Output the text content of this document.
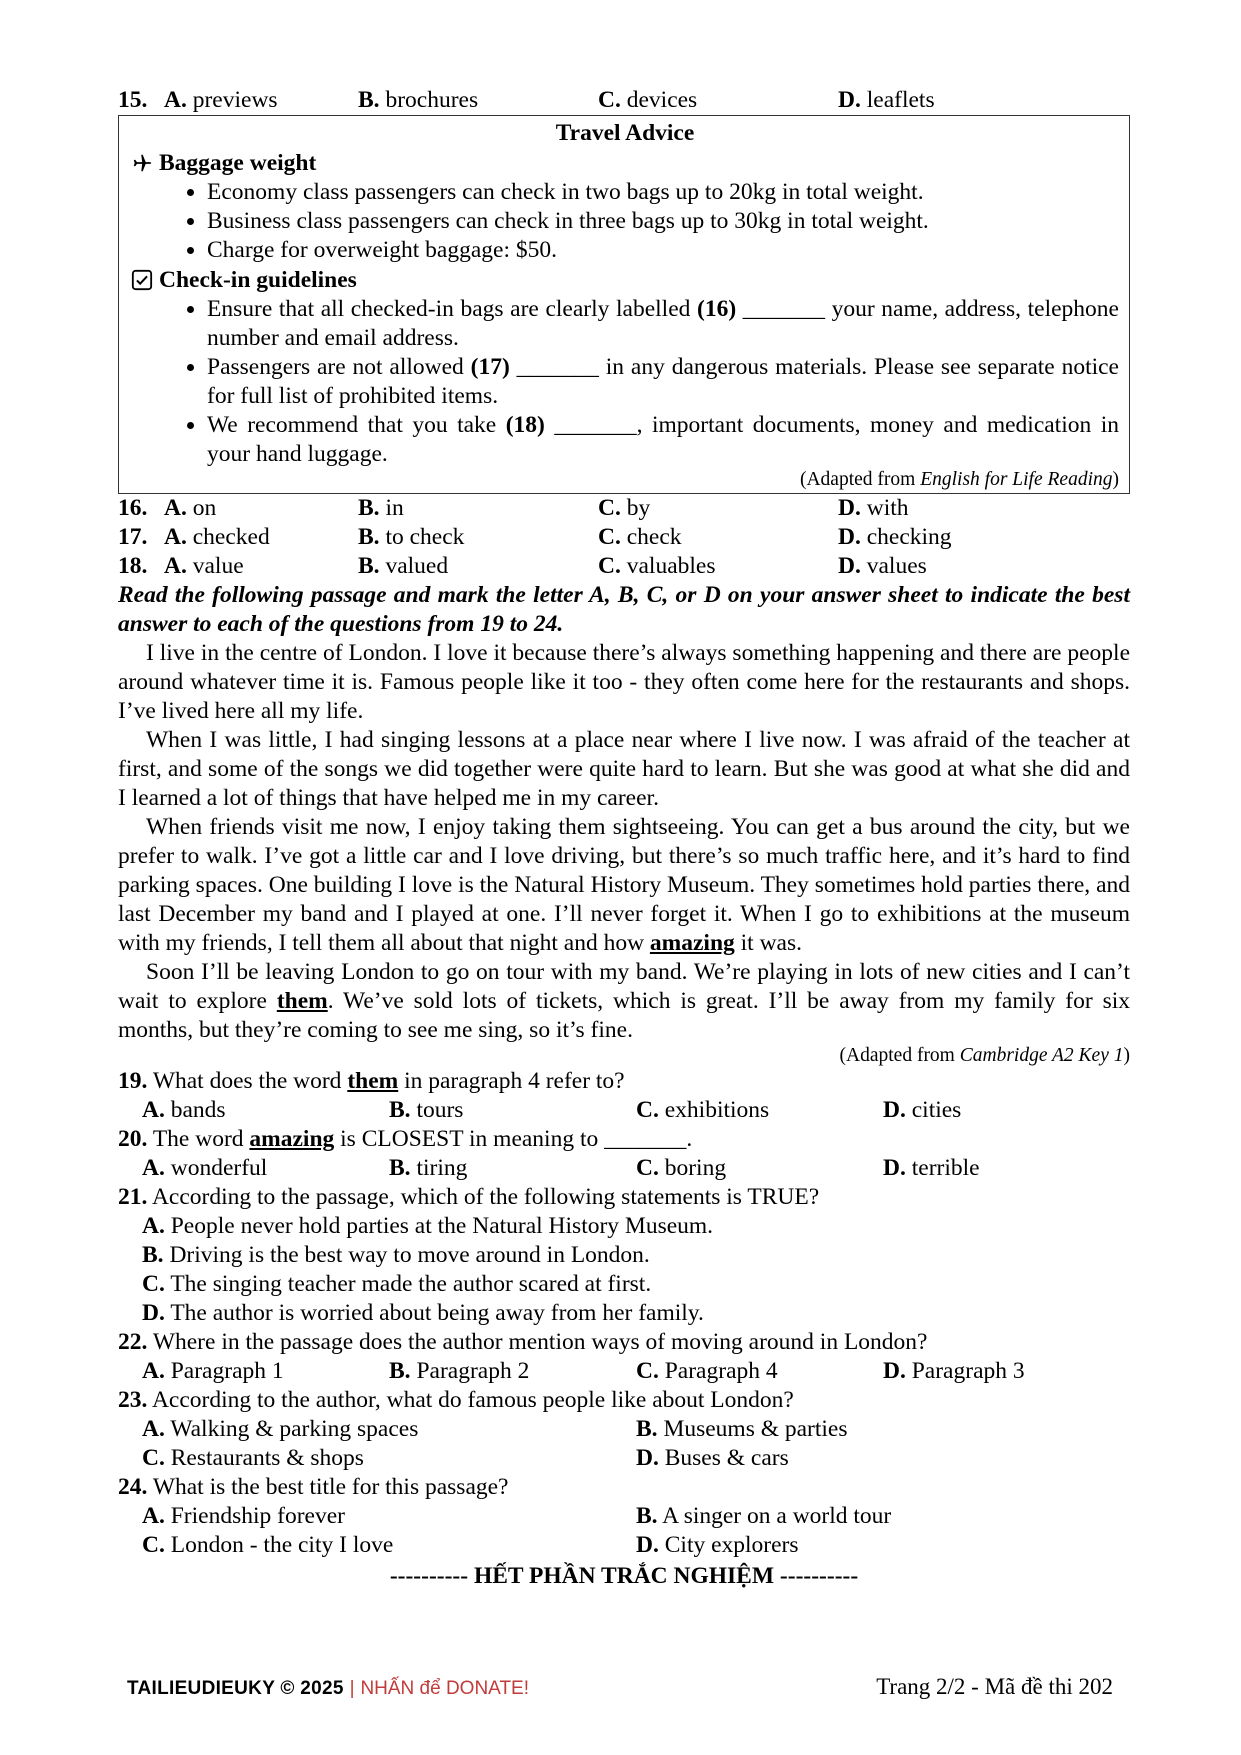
15. A. previews	B. brochures	C. devices	D. leaflets
Travel Advice
Baggage weight
• Economy class passengers can check in two bags up to 20kg in total weight.
• Business class passengers can check in three bags up to 30kg in total weight.
• Charge for overweight baggage: $50.
Check-in guidelines
• Ensure that all checked-in bags are clearly labelled (16) _______ your name, address, telephone number and email address.
• Passengers are not allowed (17) _______ in any dangerous materials. Please see separate notice for full list of prohibited items.
• We recommend that you take (18) _______, important documents, money and medication in your hand luggage.
(Adapted from English for Life Reading)
16. A. on	B. in	C. by	D. with
17. A. checked	B. to check	C. check	D. checking
18. A. value	B. valued	C. valuables	D. values
Read the following passage and mark the letter A, B, C, or D on your answer sheet to indicate the best answer to each of the questions from 19 to 24.

I live in the centre of London. I love it because there’s always something happening and there are people around whatever time it is. Famous people like it too - they often come here for the restaurants and shops. I’ve lived here all my life.

When I was little, I had singing lessons at a place near where I live now. I was afraid of the teacher at first, and some of the songs we did together were quite hard to learn. But she was good at what she did and I learned a lot of things that have helped me in my career.

When friends visit me now, I enjoy taking them sightseeing. You can get a bus around the city, but we prefer to walk. I’ve got a little car and I love driving, but there’s so much traffic here, and it’s hard to find parking spaces. One building I love is the Natural History Museum. They sometimes hold parties there, and last December my band and I played at one. I’ll never forget it. When I go to exhibitions at the museum with my friends, I tell them all about that night and how amazing it was.

Soon I’ll be leaving London to go on tour with my band. We’re playing in lots of new cities and I can’t wait to explore them. We’ve sold lots of tickets, which is great. I’ll be away from my family for six months, but they’re coming to see me sing, so it’s fine.

(Adapted from Cambridge A2 Key 1)
19. What does the word them in paragraph 4 refer to?
A. bands	B. tours	C. exhibitions	D. cities
20. The word amazing is CLOSEST in meaning to _______.
A. wonderful	B. tiring	C. boring	D. terrible
21. According to the passage, which of the following statements is TRUE?
A. People never hold parties at the Natural History Museum.
B. Driving is the best way to move around in London.
C. The singing teacher made the author scared at first.
D. The author is worried about being away from her family.
22. Where in the passage does the author mention ways of moving around in London?
A. Paragraph 1	B. Paragraph 2	C. Paragraph 4	D. Paragraph 3
23. According to the author, what do famous people like about London?
A. Walking & parking spaces	B. Museums & parties
C. Restaurants & shops	D. Buses & cars
24. What is the best title for this passage?
A. Friendship forever	B. A singer on a world tour
C. London - the city I love	D. City explorers
---------- HẾT PHẦN TRẮC NGHIỆM ----------
TAILIEUDIEUKY © 2025 | NHẤN để DONATE!	Trang 2/2 - Mã đề thi 202
